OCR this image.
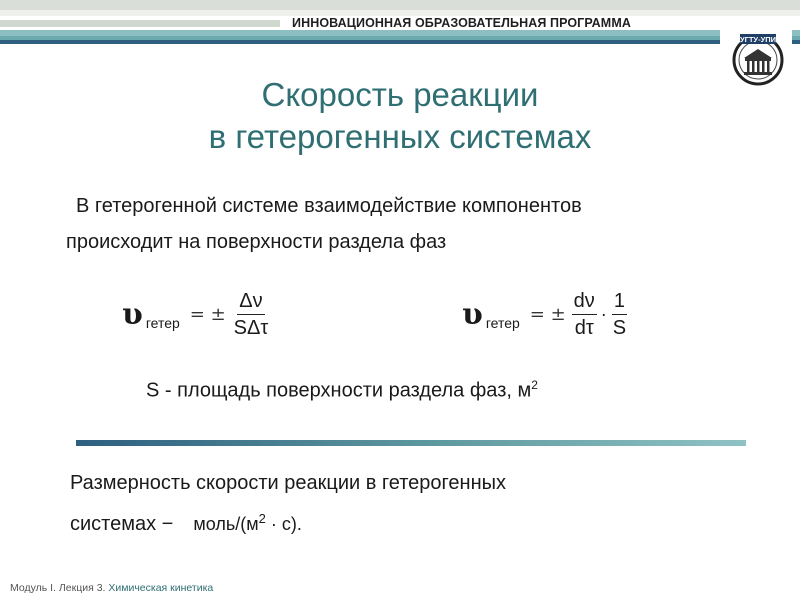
ИННОВАЦИОННАЯ ОБРАЗОВАТЕЛЬНАЯ ПРОГРАММА
УГТУ-УПИ
Скорость реакции
в гетерогенных системах
В гетерогенной системе взаимодействие компонентов
происходит на поверхности раздела фаз
υ гетер = ± $\frac{\Delta\nu}{\text{SΔτ}}$	υ гетер = ± $\frac{d\nu}{d\tau} \cdot \frac{1}{S}$
S - площадь поверхности раздела фаз, $м^2$
Размерность скорости реакции в гетерогенных
системах − моль/$(м^2 \cdot с)$.
Модуль I. Лекция 3. Химическая кинетика
